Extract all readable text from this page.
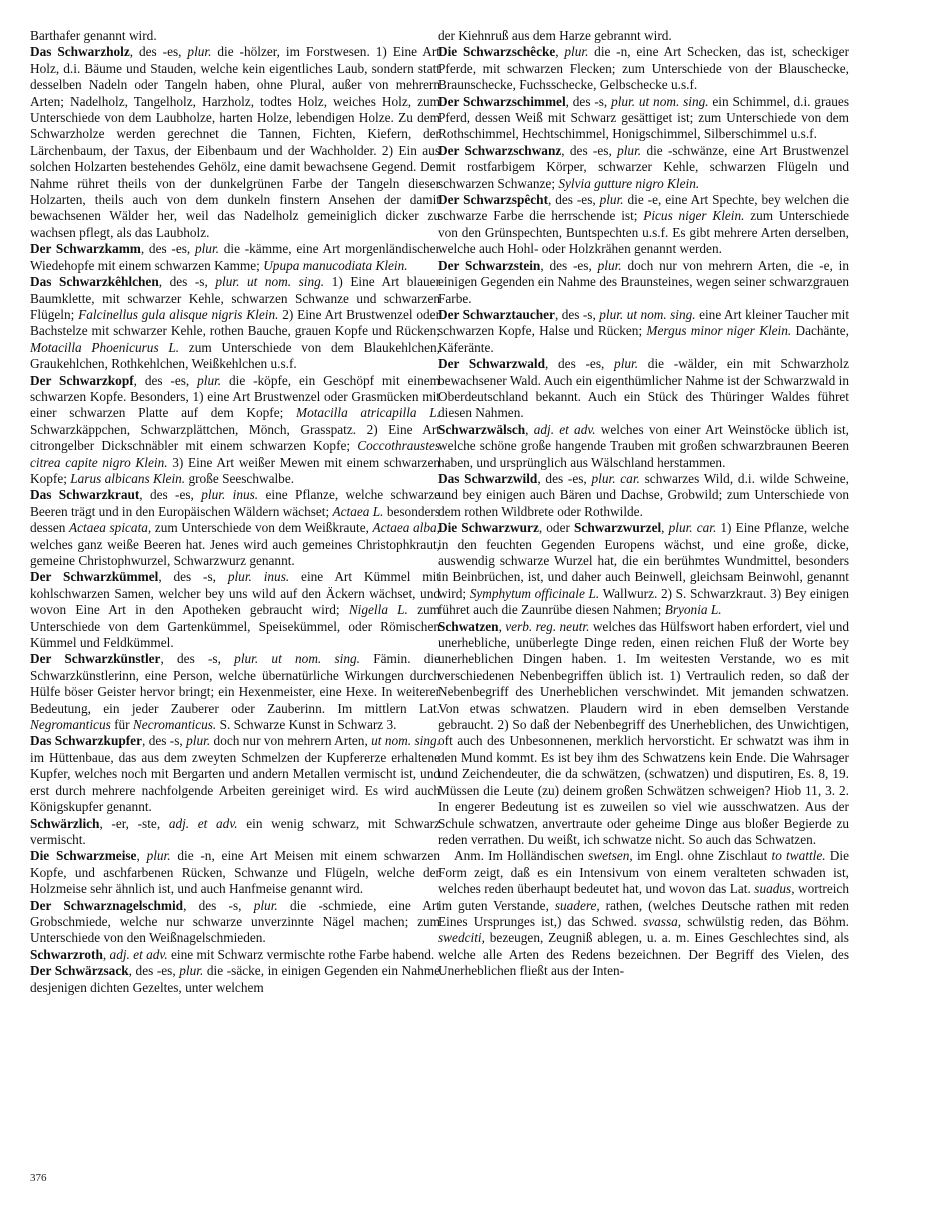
Barthafer genannt wird.

Das Schwarzholz, des -es, plur. die -hölzer, im Forstwesen. 1) Eine Art Holz, d.i. Bäume und Stauden, welche kein eigentliches Laub, sondern statt desselben Nadeln oder Tangeln haben, ohne Plural, außer von mehrern Arten; Nadelholz, Tangelholz, Harzholz, todtes Holz, weiches Holz, zum Unterschiede von dem Laubholze, harten Holze, lebendigen Holze. Zu dem Schwarzholze werden gerechnet die Tannen, Fichten, Kiefern, der Lärchenbaum, der Taxus, der Eibenbaum und der Wachholder. 2) Ein aus solchen Holzarten bestehendes Gehölz, eine damit bewachsene Gegend. Der Nahme rühret theils von der dunkelgrünen Farbe der Tangeln dieser Holzarten, theils auch von dem dunkeln finstern Ansehen der damit bewachsenen Wälder her, weil das Nadelholz gemeiniglich dicker zu wachsen pflegt, als das Laubholz.

Der Schwarzkamm, des -es, plur. die -kämme, eine Art morgenländischer Wiedehopfe mit einem schwarzen Kamme; Upupa manucodiata Klein.

Das Schwarzkêhlchen, des -s, plur. ut nom. sing. 1) Eine Art blauer Baumklette, mit schwarzer Kehle, schwarzen Schwanze und schwarzen Flügeln; Falcinellus gula alisque nigris Klein. 2) Eine Art Brustwenzel oder Bachstelze mit schwarzer Kehle, rothen Bauche, grauen Kopfe und Rücken; Motacilla Phoenicurus L. zum Unterschiede von dem Blaukehlchen, Graukehlchen, Rothkehlchen, Weißkehlchen u.s.f.

Der Schwarzkopf, des -es, plur. die -köpfe, ein Geschöpf mit einem schwarzen Kopfe. Besonders, 1) eine Art Brustwenzel oder Grasmücken mit einer schwarzen Platte auf dem Kopfe; Motacilla atricapilla L. Schwarzkäppchen, Schwarzplättchen, Mönch, Grasspatz. 2) Eine Art citrongelber Dickschnäbler mit einem schwarzen Kopfe; Coccothraustes citrea capite nigro Klein. 3) Eine Art weißer Mewen mit einem schwarzen Kopfe; Larus albicans Klein. große Seeschwalbe.

Das Schwarzkraut, des -es, plur. inus. eine Pflanze, welche schwarze Beeren trägt und in den Europäischen Wäldern wächset; Actaea L. besonders dessen Actaea spicata, zum Unterschiede von dem Weißkraute, Actaea alba, welches ganz weiße Beeren hat. Jenes wird auch gemeines Christophkraut, gemeine Christophwurzel, Schwarzwurz genannt.

Der Schwarzkümmel, des -s, plur. inus. eine Art Kümmel mit kohlschwarzen Samen, welcher bey uns wild auf den Äckern wächset, und wovon Eine Art in den Apotheken gebraucht wird; Nigella L. zum Unterschiede von dem Gartenkümmel, Speisekümmel, oder Römischen Kümmel und Feldkümmel.

Der Schwarzkünstler, des -s, plur. ut nom. sing. Fämin. die Schwarzkünstlerinn, eine Person, welche übernatürliche Wirkungen durch Hülfe böser Geister hervor bringt; ein Hexenmeister, eine Hexe. In weiterer Bedeutung, ein jeder Zauberer oder Zauberinn. Im mittlern Lat. Negromanticus für Necromanticus. S. Schwarze Kunst in Schwarz 3.

Das Schwarzkupfer, des -s, plur. doch nur von mehrern Arten, ut nom. sing. im Hüttenbaue, das aus dem zweyten Schmelzen der Kupfererze erhaltene Kupfer, welches noch mit Bergarten und andern Metallen vermischt ist, und erst durch mehrere nachfolgende Arbeiten gereiniget wird. Es wird auch Königskupfer genannt.

Schwärzlich, -er, -ste, adj. et adv. ein wenig schwarz, mit Schwarz vermischt.

Die Schwarzmeise, plur. die -n, eine Art Meisen mit einem schwarzen Kopfe, und aschfarbenen Rücken, Schwanze und Flügeln, welche der Holzmeise sehr ähnlich ist, und auch Hanfmeise genannt wird.

Der Schwarznagelschmid, des -s, plur. die -schmiede, eine Art Grobschmiede, welche nur schwarze unverzinnte Nägel machen; zum Unterschiede von den Weißnagelschmieden.

Schwarzroth, adj. et adv. eine mit Schwarz vermischte rothe Farbe habend.

Der Schwärzsack, des -es, plur. die -säcke, in einigen Gegenden ein Nahme desjenigen dichten Gezeltes, unter welchem

der Kiehnruß aus dem Harze gebrannt wird.

Die Schwarzschêcke, plur. die -n, eine Art Schecken, das ist, scheckiger Pferde, mit schwarzen Flecken; zum Unterschiede von der Blauschecke, Braunschecke, Fuchsschecke, Gelbschecke u.s.f.

Der Schwarzschimmel, des -s, plur. ut nom. sing. ein Schimmel, d.i. graues Pferd, dessen Weiß mit Schwarz gesättiget ist; zum Unterschiede von dem Rothschimmel, Hechtschimmel, Honigschimmel, Silberschimmel u.s.f.

Der Schwarzschwanz, des -es, plur. die -schwänze, eine Art Brustwenzel mit rostfarbigem Körper, schwarzer Kehle, schwarzen Flügeln und schwarzen Schwanze; Sylvia gutture nigro Klein.

Der Schwarzspêcht, des -es, plur. die -e, eine Art Spechte, bey welchen die schwarze Farbe die herrschende ist; Picus niger Klein. zum Unterschiede von den Grünspechten, Buntspechten u.s.f. Es gibt mehrere Arten derselben, welche auch Hohl- oder Holzkrähen genannt werden.

Der Schwarzstein, des -es, plur. doch nur von mehrern Arten, die -e, in einigen Gegenden ein Nahme des Braunsteines, wegen seiner schwarzgrauen Farbe.

Der Schwarztaucher, des -s, plur. ut nom. sing. eine Art kleiner Taucher mit schwarzen Kopfe, Halse und Rücken; Mergus minor niger Klein. Dachänte, Käferänte.

Der Schwarzwald, des -es, plur. die -wälder, ein mit Schwarzholz bewachsener Wald. Auch ein eigenthümlicher Nahme ist der Schwarzwald in Oberdeutschland bekannt. Auch ein Stück des Thüringer Waldes führet diesen Nahmen.

Schwarzwälsch, adj. et adv. welches von einer Art Weinstöcke üblich ist, welche schöne große hangende Trauben mit großen schwarzbraunen Beeren haben, und ursprünglich aus Wälschland herstammen.

Das Schwarzwild, des -es, plur. car. schwarzes Wild, d.i. wilde Schweine, und bey einigen auch Bären und Dachse, Grobwild; zum Unterschiede von dem rothen Wildbrete oder Rothwilde.

Die Schwarzwurz, oder Schwarzwurzel, plur. car. 1) Eine Pflanze, welche in den feuchten Gegenden Europens wächst, und eine große, dicke, auswendig schwarze Wurzel hat, die ein berühmtes Wundmittel, besonders in Beinbrüchen, ist, und daher auch Beinwell, gleichsam Beinwohl, genannt wird; Symphytum officinale L. Wallwurz. 2) S. Schwarzkraut. 3) Bey einigen führet auch die Zaunrübe diesen Nahmen; Bryonia L.

Schwatzen, verb. reg. neutr. welches das Hülfswort haben erfordert, viel und unerhebliche, unüberlegte Dinge reden, einen reichen Fluß der Worte bey unerheblichen Dingen haben. 1. Im weitesten Verstande, wo es mit verschiedenen Nebenbegriffen üblich ist. 1) Vertraulich reden, so daß der Nebenbegriff des Unerheblichen verschwindet. Mit jemanden schwatzen. Von etwas schwatzen. Plaudern wird in eben demselben Verstande gebraucht. 2) So daß der Nebenbegriff des Unerheblichen, des Unwichtigen, oft auch des Unbesonnenen, merklich hervorsticht. Er schwatzt was ihm in den Mund kommt. Es ist bey ihm des Schwatzens kein Ende. Die Wahrsager und Zeichendeuter, die da schwätzen, (schwatzen) und disputiren, Es. 8, 19. Müssen die Leute (zu) deinem großen Schwätzen schweigen? Hiob 11, 3. 2. In engerer Bedeutung ist es zuweilen so viel wie ausschwatzen. Aus der Schule schwatzen, anvertraute oder geheime Dinge aus bloßer Begierde zu reden verrathen. Du weißt, ich schwatze nicht. So auch das Schwatzen.

Anm. Im Holländischen swetsen, im Engl. ohne Zischlaut to twattle. Die Form zeigt, daß es ein Intensivum von einem veralteten schwaden ist, welches reden überhaupt bedeutet hat, und wovon das Lat. suadus, wortreich im guten Verstande, suadere, rathen, (welches Deutsche rathen mit reden Eines Ursprunges ist,) das Schwed. svassa, schwülstig reden, das Böhm. swedciti, bezeugen, Zeugniß ablegen, u. a. m. Eines Geschlechtes sind, als welche alle Arten des Redens bezeichnen. Der Begriff des Vielen, des Unerheblichen fließt aus der Inten-

376
